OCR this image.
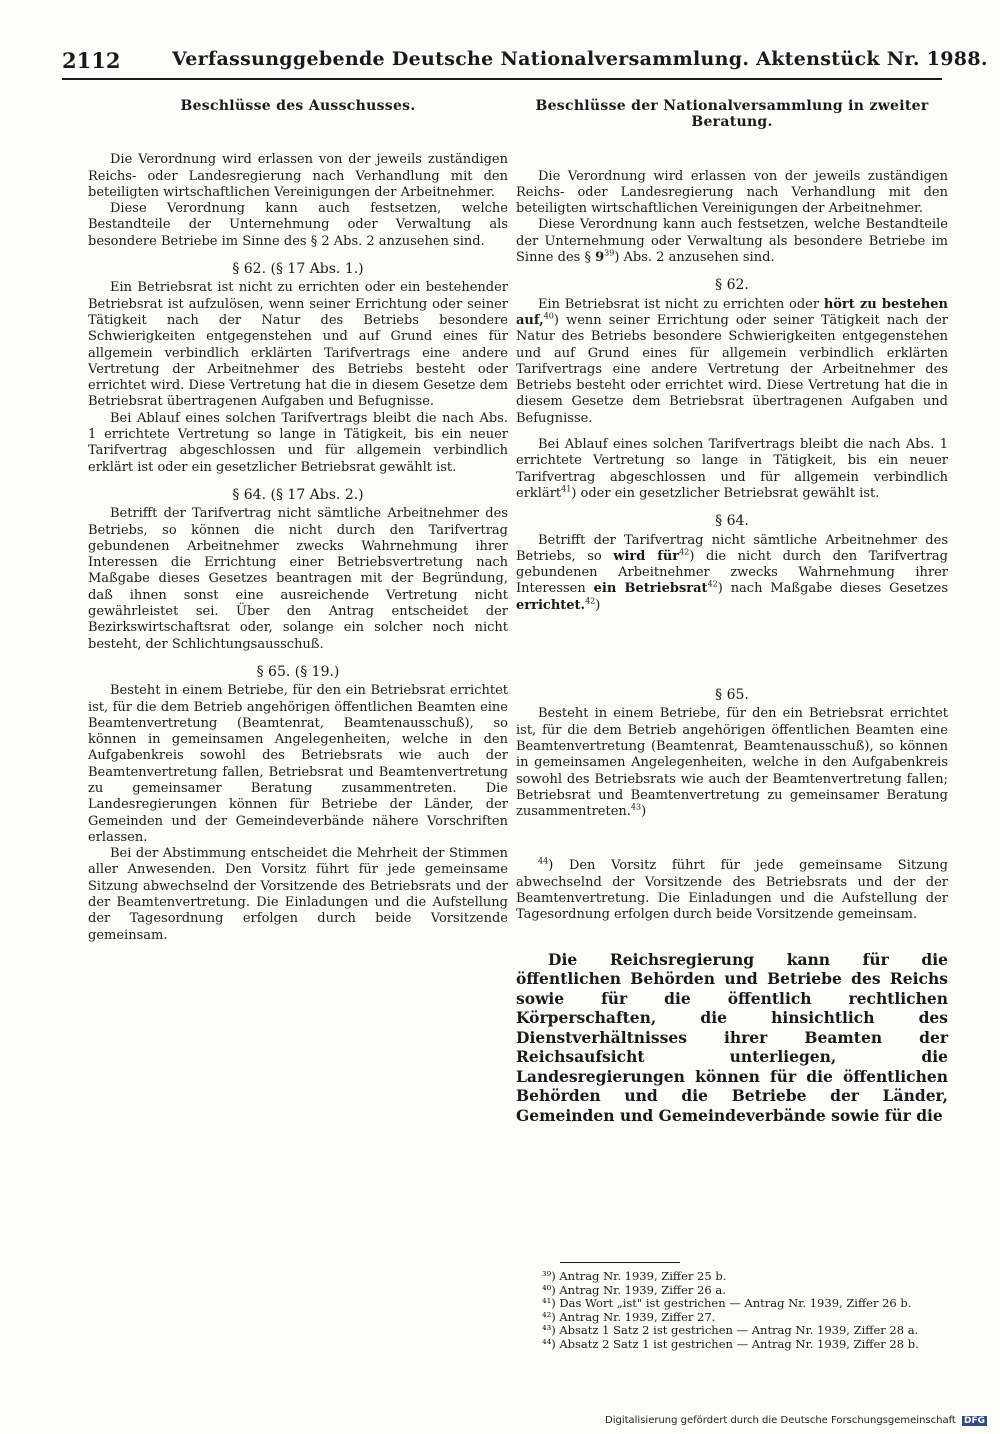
2112	Verfassunggebende Deutsche Nationalversammlung. Aktenstück Nr. 1988.
Beschlüsse des Ausschusses.

Die Verordnung wird erlassen von der jeweils zuständigen Reichs- oder Landesregierung nach Verhandlung mit den beteiligten wirtschaftlichen Vereinigungen der Arbeitnehmer.

Diese Verordnung kann auch festsetzen, welche Bestandteile der Unternehmung oder Verwaltung als besondere Betriebe im Sinne des § 2 Abs. 2 anzusehen sind.

§ 62. (§ 17 Abs. 1.)

Ein Betriebsrat ist nicht zu errichten oder ein bestehender Betriebsrat ist aufzulösen, wenn seiner Errichtung oder seiner Tätigkeit nach der Natur des Betriebs besondere Schwierigkeiten entgegenstehen und auf Grund eines für allgemein verbindlich erklärten Tarifvertrags eine andere Vertretung der Arbeitnehmer des Betriebs besteht oder errichtet wird. Diese Vertretung hat die in diesem Gesetze dem Betriebsrat übertragenen Aufgaben und Befugnisse.

Bei Ablauf eines solchen Tarifvertrags bleibt die nach Abs. 1 errichtete Vertretung so lange in Tätigkeit, bis ein neuer Tarifvertrag abgeschlossen und für allgemein verbindlich erklärt ist oder ein gesetzlicher Betriebsrat gewählt ist.

§ 64. (§ 17 Abs. 2.)

Betrifft der Tarifvertrag nicht sämtliche Arbeitnehmer des Betriebs, so können die nicht durch den Tarifvertrag gebundenen Arbeitnehmer zwecks Wahrnehmung ihrer Interessen die Errichtung einer Betriebsvertretung nach Maßgabe dieses Gesetzes beantragen mit der Begründung, daß ihnen sonst eine ausreichende Vertretung nicht gewährleistet sei. Über den Antrag entscheidet der Bezirkswirtschaftsrat oder, solange ein solcher noch nicht besteht, der Schlichtungsausschuß.

§ 65. (§ 19.)

Besteht in einem Betriebe, für den ein Betriebsrat errichtet ist, für die dem Betrieb angehörigen öffentlichen Beamten eine Beamtenvertretung (Beamtenrat, Beamtenausschuß), so können in gemeinsamen Angelegenheiten, welche in den Aufgabenkreis sowohl des Betriebsrats wie auch der Beamtenvertretung fallen, Betriebsrat und Beamtenvertretung zu gemeinsamer Beratung zusammentreten. Die Landesregierungen können für Betriebe der Länder, der Gemeinden und der Gemeindeverbände nähere Vorschriften erlassen.

Bei der Abstimmung entscheidet die Mehrheit der Stimmen aller Anwesenden. Den Vorsitz führt für jede gemeinsame Sitzung abwechselnd der Vorsitzende des Betriebsrats und der der Beamtenvertretung. Die Einladungen und die Aufstellung der Tagesordnung erfolgen durch beide Vorsitzende gemeinsam.

Beschlüsse der Nationalversammlung in zweiter Beratung.

Die Verordnung wird erlassen von der jeweils zuständigen Reichs- oder Landesregierung nach Verhandlung mit den beteiligten wirtschaftlichen Vereinigungen der Arbeitnehmer.

Diese Verordnung kann auch festsetzen, welche Bestandteile der Unternehmung oder Verwaltung als besondere Betriebe im Sinne des § $9^{39}$) Abs. 2 anzusehen sind.

§ 62.

Ein Betriebsrat ist nicht zu errichten oder hört zu bestehen auf,$^{40}$) wenn seiner Errichtung oder seiner Tätigkeit nach der Natur des Betriebs besondere Schwierigkeiten entgegenstehen und auf Grund eines für allgemein verbindlich erklärten Tarifvertrags eine andere Vertretung der Arbeitnehmer des Betriebs besteht oder errichtet wird. Diese Vertretung hat die in diesem Gesetze dem Betriebsrat übertragenen Aufgaben und Befugnisse.

Bei Ablauf eines solchen Tarifvertrags bleibt die nach Abs. 1 errichtete Vertretung so lange in Tätigkeit, bis ein neuer Tarifvertrag abgeschlossen und für allgemein verbindlich erklärt$^{41}$) oder ein gesetzlicher Betriebsrat gewählt ist.

§ 64.

Betrifft der Tarifvertrag nicht sämtliche Arbeitnehmer des Betriebs, so wird für$^{42}$) die nicht durch den Tarifvertrag gebundenen Arbeitnehmer zwecks Wahrnehmung ihrer Interessen ein Betriebsrat$^{42}$) nach Maßgabe dieses Gesetzes errichtet.$^{42}$)

§ 65.

Besteht in einem Betriebe, für den ein Betriebsrat errichtet ist, für die dem Betrieb angehörigen öffentlichen Beamten eine Beamtenvertretung (Beamtenrat, Beamtenausschuß), so können in gemeinsamen Angelegenheiten, welche in den Aufgabenkreis sowohl des Betriebsrats wie auch der Beamtenvertretung fallen; Betriebsrat und Beamtenvertretung zu gemeinsamer Beratung zusammentreten.$^{43}$)

$^{44}$) Den Vorsitz führt für jede gemeinsame Sitzung abwechselnd der Vorsitzende des Betriebsrats und der der Beamtenvertretung. Die Einladungen und die Aufstellung der Tagesordnung erfolgen durch beide Vorsitzende gemeinsam.

Die Reichsregierung kann für die öffentlichen Behörden und Betriebe des Reichs sowie für die öffentlich rechtlichen Körperschaften, die hinsichtlich des Dienstverhältnisses ihrer Beamten der Reichsaufsicht unterliegen, die Landesregierungen können für die öffentlichen Behörden und die Betriebe der Länder, Gemeinden und Gemeindeverbände sowie für die

³⁹) Antrag Nr. 1939, Ziffer 25 b.
⁴⁰) Antrag Nr. 1939, Ziffer 26 a.
⁴¹) Das Wort „ist" ist gestrichen — Antrag Nr. 1939, Ziffer 26 b.
⁴²) Antrag Nr. 1939, Ziffer 27.
⁴³) Absatz 1 Satz 2 ist gestrichen — Antrag Nr. 1939, Ziffer 28 a.
⁴⁴) Absatz 2 Satz 1 ist gestrichen — Antrag Nr. 1939, Ziffer 28 b.
Digitalisierung gefördert durch die Deutsche Forschungsgemeinschaft DFG
